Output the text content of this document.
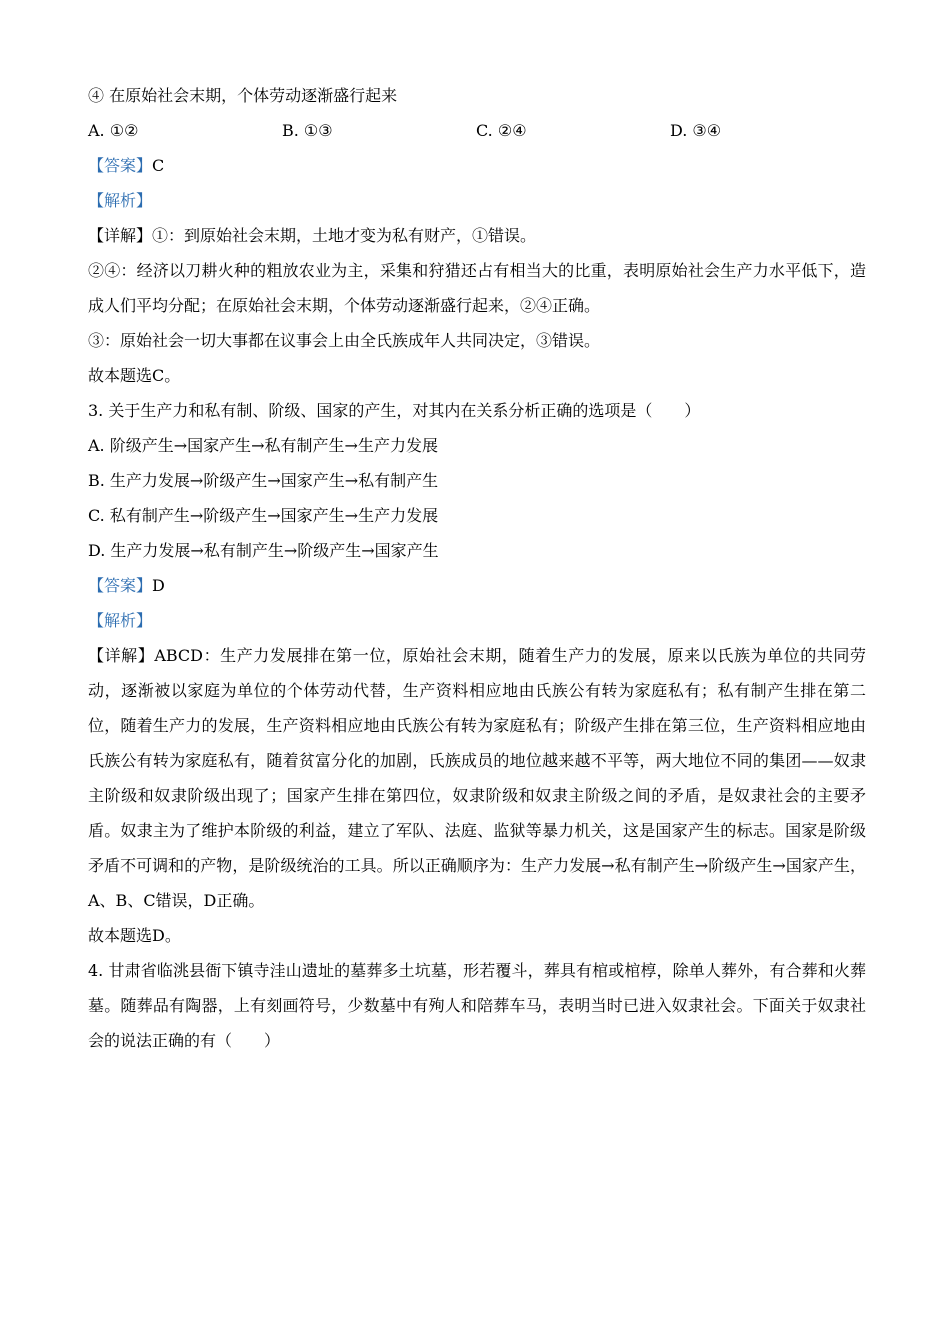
④ 在原始社会末期，个体劳动逐渐盛行起来
A. ①②	B. ①③	C. ②④	D. ③④
【答案】C
【解析】
【详解】①：到原始社会末期，土地才变为私有财产，①错误。
②④：经济以刀耕火种的粗放农业为主，采集和狩猎还占有相当大的比重，表明原始社会生产力水平低下，造成人们平均分配；在原始社会末期，个体劳动逐渐盛行起来，②④正确。
③：原始社会一切大事都在议事会上由全氏族成年人共同决定，③错误。
故本题选C。
3. 关于生产力和私有制、阶级、国家的产生，对其内在关系分析正确的选项是（　　）
A. 阶级产生→国家产生→私有制产生→生产力发展
B. 生产力发展→阶级产生→国家产生→私有制产生
C. 私有制产生→阶级产生→国家产生→生产力发展
D. 生产力发展→私有制产生→阶级产生→国家产生
【答案】D
【解析】
【详解】ABCD：生产力发展排在第一位，原始社会末期，随着生产力的发展，原来以氏族为单位的共同劳动，逐渐被以家庭为单位的个体劳动代替，生产资料相应地由氏族公有转为家庭私有；私有制产生排在第二位，随着生产力的发展，生产资料相应地由氏族公有转为家庭私有；阶级产生排在第三位，生产资料相应地由氏族公有转为家庭私有，随着贫富分化的加剧，氏族成员的地位越来越不平等，两大地位不同的集团——奴隶主阶级和奴隶阶级出现了；国家产生排在第四位，奴隶阶级和奴隶主阶级之间的矛盾，是奴隶社会的主要矛盾。奴隶主为了维护本阶级的利益，建立了军队、法庭、监狱等暴力机关，这是国家产生的标志。国家是阶级矛盾不可调和的产物，是阶级统治的工具。所以正确顺序为：生产力发展→私有制产生→阶级产生→国家产生，A、B、C错误，D正确。
故本题选D。
4. 甘肃省临洮县衙下镇寺洼山遗址的墓葬多土坑墓，形若覆斗，葬具有棺或棺椁，除单人葬外，有合葬和火葬墓。随葬品有陶器，上有刻画符号，少数墓中有殉人和陪葬车马，表明当时已进入奴隶社会。下面关于奴隶社会的说法正确的有（　　）
